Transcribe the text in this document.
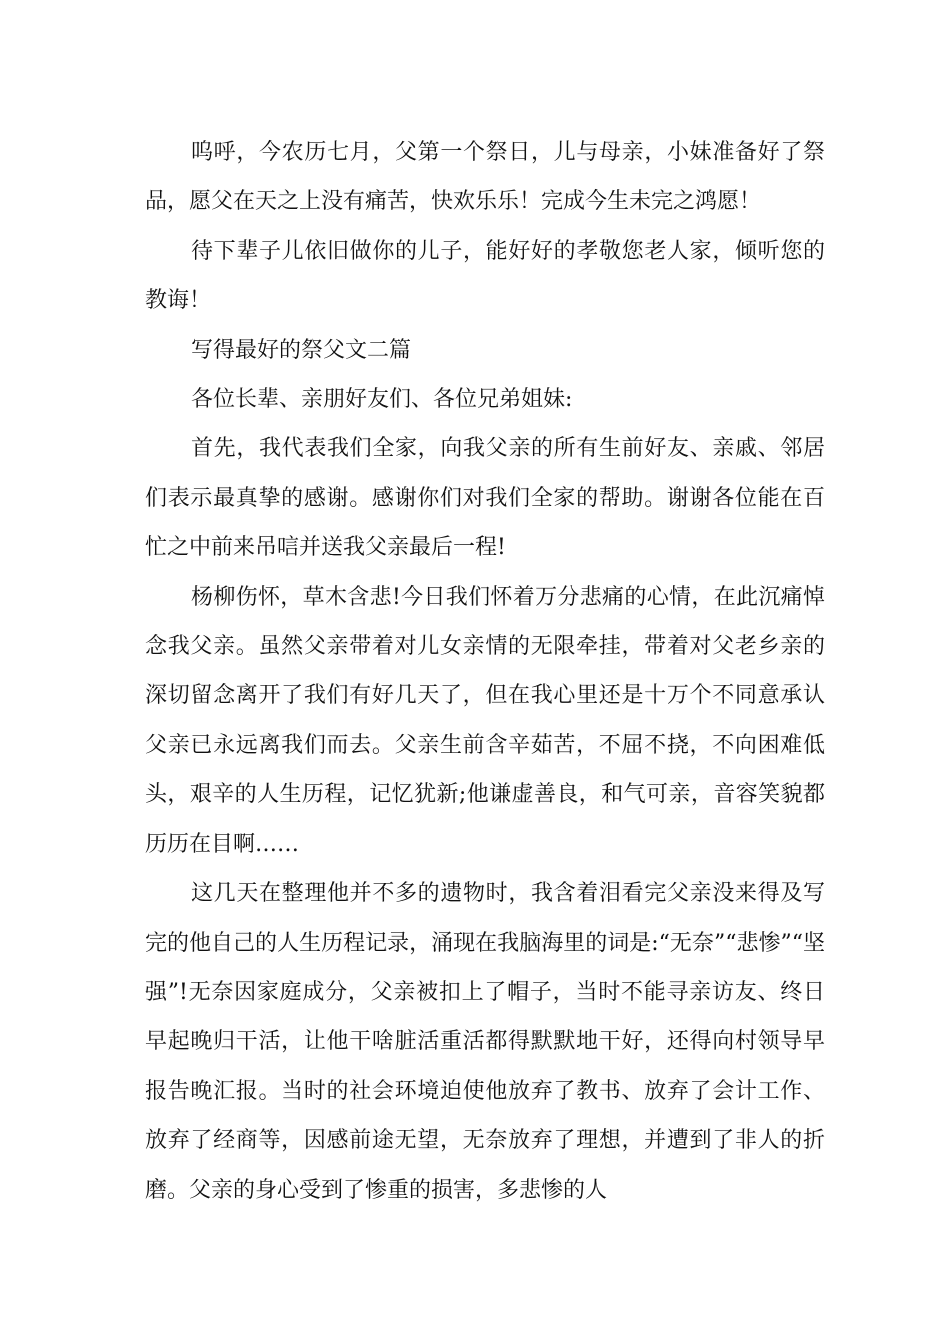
呜呼，今农历七月，父第一个祭日，儿与母亲，小妹准备好了祭品，愿父在天之上没有痛苦，快欢乐乐！完成今生未完之鸿愿！

待下辈子儿依旧做你的儿子，能好好的孝敬您老人家，倾听您的教诲！

写得最好的祭父文二篇

各位长辈、亲朋好友们、各位兄弟姐妹:

首先，我代表我们全家，向我父亲的所有生前好友、亲戚、邻居们表示最真挚的感谢。感谢你们对我们全家的帮助。谢谢各位能在百忙之中前来吊唁并送我父亲最后一程!

杨柳伤怀，草木含悲!今日我们怀着万分悲痛的心情，在此沉痛悼念我父亲。虽然父亲带着对儿女亲情的无限牵挂，带着对父老乡亲的深切留念离开了我们有好几天了，但在我心里还是十万个不同意承认父亲已永远离我们而去。父亲生前含辛茹苦，不屈不挠，不向困难低头，艰辛的人生历程，记忆犹新;他谦虚善良，和气可亲，音容笑貌都历历在目啊……

这几天在整理他并不多的遗物时，我含着泪看完父亲没来得及写完的他自己的人生历程记录，涌现在我脑海里的词是:“无奈”“悲惨”“坚强”!无奈因家庭成分，父亲被扣上了帽子，当时不能寻亲访友、终日早起晚归干活，让他干啥脏活重活都得默默地干好，还得向村领导早报告晚汇报。当时的社会环境迫使他放弃了教书、放弃了会计工作、放弃了经商等，因感前途无望，无奈放弃了理想，并遭到了非人的折磨。父亲的身心受到了惨重的损害，多悲惨的人
